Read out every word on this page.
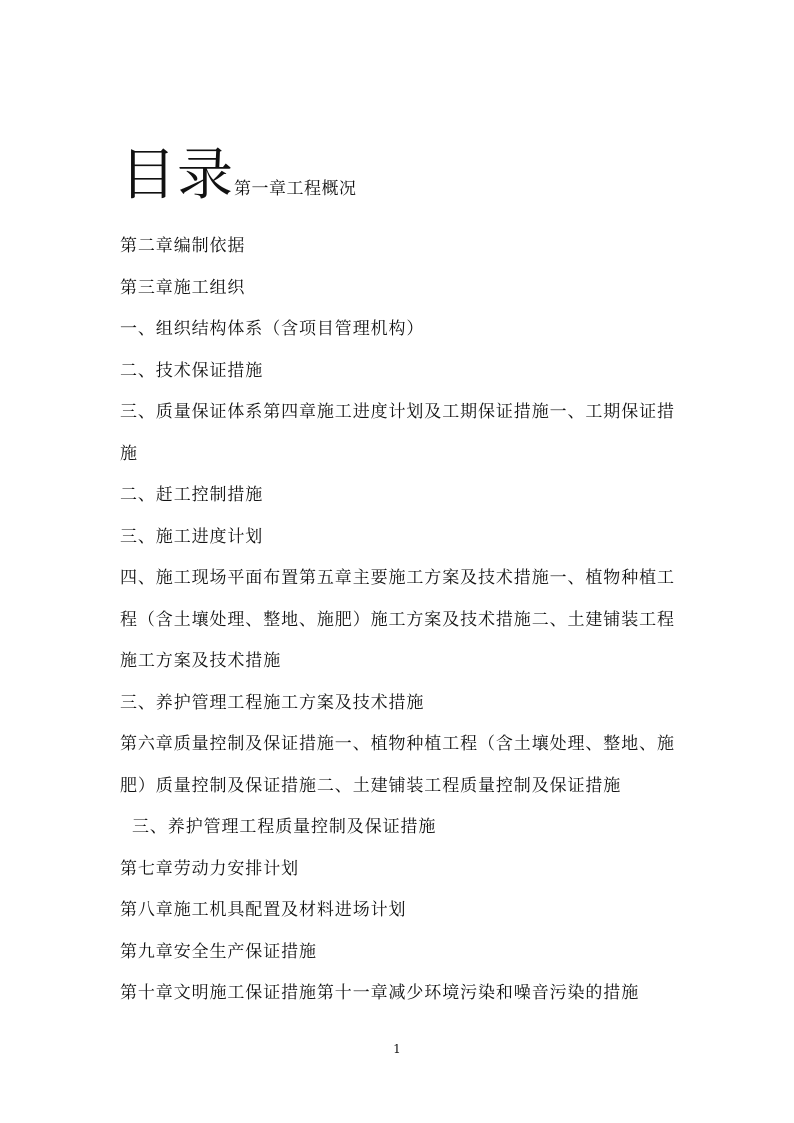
目录第一章工程概况
第二章编制依据
第三章施工组织
一、组织结构体系（含项目管理机构）
二、技术保证措施
三、质量保证体系第四章施工进度计划及工期保证措施一、工期保证措施
二、赶工控制措施
三、施工进度计划
四、施工现场平面布置第五章主要施工方案及技术措施一、植物种植工程（含土壤处理、整地、施肥）施工方案及技术措施二、土建铺装工程施工方案及技术措施
三、养护管理工程施工方案及技术措施
第六章质量控制及保证措施一、植物种植工程（含土壤处理、整地、施肥）质量控制及保证措施二、土建铺装工程质量控制及保证措施
三、养护管理工程质量控制及保证措施
第七章劳动力安排计划
第八章施工机具配置及材料进场计划
第九章安全生产保证措施
第十章文明施工保证措施第十一章减少环境污染和噪音污染的措施
1
